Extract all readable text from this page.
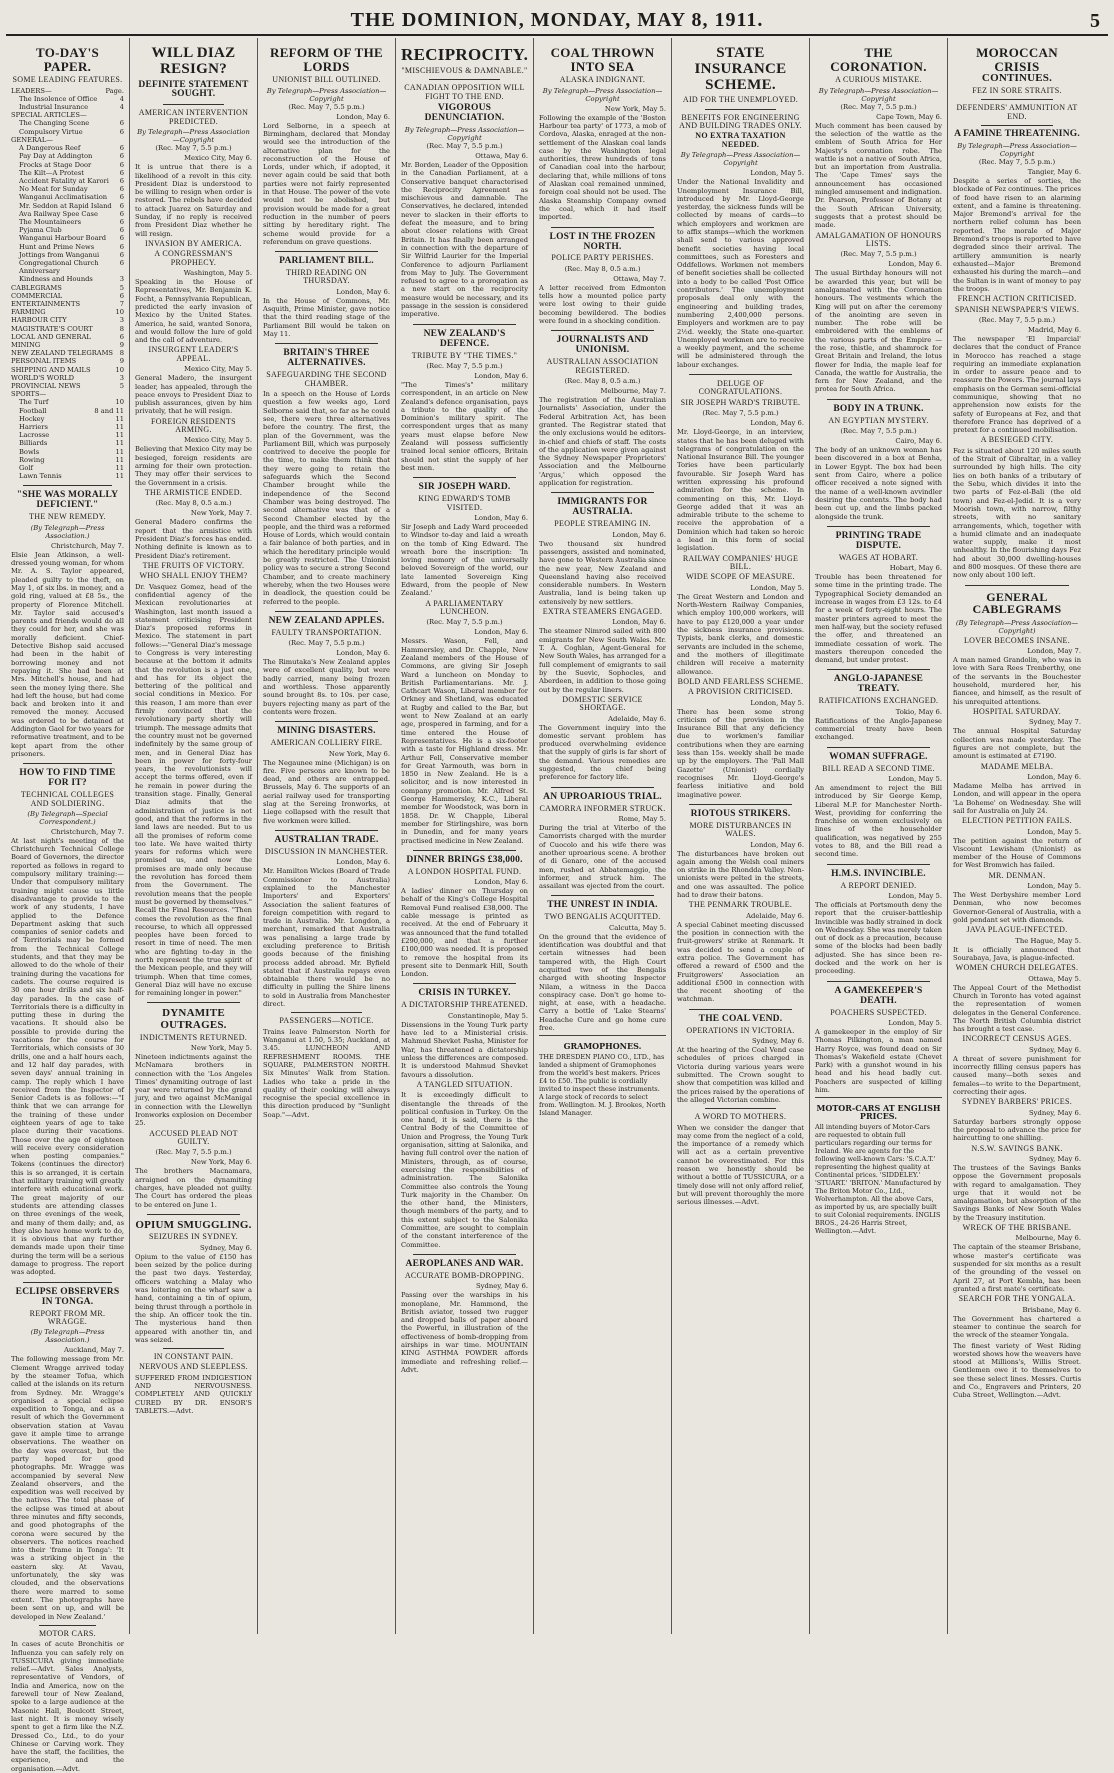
THE DOMINION, MONDAY, MAY 8, 1911.	5
TO-DAY'S PAPER.
SOME LEADING FEATURES.
LEADERS—	Page.
The Insolence of Office	4
Industrial Insurance	4
SPECIAL ARTICLES—
The Changing Scene	6
Compulsory Virtue	6
GENERAL—
A Dangerous Reef	6
Pay Day at Addington	6
Frocks at Stage Door	6
The Kilt—A Protest	6
Accident Fatality at Karori 6
No Meat for Sunday	6
Wanganui Acclimatisation 6
Mr. Seddon at Rapid Island 6
Ava Railway Spee Case	6
The Mountaineers	6
Pyjama Club	6
Wanganui Harbour Board 6
Hunt and Prime News	6
Jottings from Wanganui	6
Congregational Church Anniversary
6
Kindness and Hounds	3
CABLEGRAMS	5
COMMERCIAL	6
ENTERTAINMENTS	7
FARMING	10
HARBOUR CITY	3
MAGISTRATE'S COURT	8
LOCAL AND GENERAL	6
MINING	9
NEW ZEALAND TELEGRAMS 8
PERSONAL ITEMS	9
SHIPPING AND MAILS	10
WORLD'S WORLD	3
PROVINCIAL NEWS	5
SPORTS—
The Turf	10
Football	8 and 11
Hockey	11
Harriers	11
Lacrosse	11
Billiards	11
Bowls	11
Rowing	11
Golf	11
Lawn Tennis	11
"SHE WAS MORALLY DEFICIENT."
THE NEW REMEDY.
(By Telegraph—Press Association.)
Christchurch, May 7.
Elsie Jean Atkinson, a well-dressed young woman, for whom Mr. A. S. Taylor appeared, pleaded guilty to the theft, on May 1, of six lbs. in money, and a gold ring, valued at £8 5s., the property of Florence Mitchell. Mr. Taylor said accused's parents and friends would do all they could for her, and she was morally deficient. Chief-Detective Bishop said accused had been in the habit of borrowing money and not repaying it. She had been at Mrs. Mitchell's house, and had seen the money lying there. She had left the house, but had come back and broken into it and removed the money. Accused was ordered to be detained at Addington Gaol for two years for reformative treatment, and to be kept apart from the other prisoners.
HOW TO FIND TIME FOR IT?
TECHNICAL COLLEGES AND SOLDIERING.
(By Telegraph—Special Correspondent.)
Christchurch, May 7.
At last night's meeting of the Christchurch Technical College Board of Governors, the director reported as follows in regard to compulsory military training:—Under that compulsory military training might cause us little disadvantage to provide to the work of any students, I have applied to the Defence Department asking that such companies of senior cadets and of Territorials may be formed from the Technical College students, and that they may be allowed to do the whole of their training during the vacations for cadets. The course required is 30 one hour drills and six half-day parades. In the case of Territorials there is a difficulty in putting these in during the vacations. It should also be possible to provide during the vacations for the course for Territorials, which consists of 30 drills, one and a half hours each, and 12 half day parades, with seven days' annual training in camp. The reply which I have received from the Inspector of Senior Cadets is as follows:—"I think that we can arrange for the training of these under eighteen years of age to take place during their vacations. Those over the age of eighteen will receive every consideration when posting companies." Tokens (continues the director) this is so arranged, it is certain that military training will greatly interfere with educational work. The great majority of our students are attending classes on three evenings of the week, and many of them daily; and, as they also have home work to do, it is obvious that any further demands made upon their time during the term will be a serious damage to progress. The report was adopted.
ECLIPSE OBSERVERS IN TONGA.
REPORT FROM MR. WRAGGE.
(By Telegraph—Press Association.)
Auckland, May 7.
The following message from Mr. Clement Wragge arrived today by the steamer Tofua, which called at the islands on its return from Sydney. Mr. Wragge's organised a special eclipse expedition to Tonga, and as a result of which the Government observation station at Vavau gave it ample time to arrange observations. The weather on the day was overcast, but the party hoped for good photographs. Mr. Wragge was accompanied by several New Zealand observers, and the expedition was well received by the natives. The total phase of the eclipse was timed at about three minutes and fifty seconds, and good photographs of the corona were secured by the observers. The notices reached into their 'frame in Tonga': 'It was a striking object in the eastern sky. At Vavau, unfortunately, the sky was clouded, and the observations there were marred to some extent. The photographs have been sent on up, and will be developed in New Zealand.'
MOTOR CARS.
In cases of acute Bronchitis or Influenza you can safely rely on TUSSICURA giving immediate relief.—Advt. Sales Analysts, representative of Vendors, of India and America, now on the farewell tour of New Zealand, spoke to a large audience at the Masonic Hall, Boulcott Street, last night. It is money wisely spent to get a firm like the N.Z. Dressed Co., Ltd., to do your Chinese or Carving work. They have the staff, the facilities, the experience, and the organisation.—Advt.
WILL DIAZ RESIGN?
DEFINITE STATEMENT SOUGHT.
AMERICAN INTERVENTION PREDICTED.
By Telegraph—Press Association—Copyright
(Rec. May 7, 5.5 p.m.)
Mexico City, May 6.
It is untrue that there is a likelihood of a revolt in this city. President Diaz is understood to be willing to resign when order is restored. The rebels have decided to attack Juarez on Saturday and Sunday, if no reply is received from President Diaz whether he will resign.
INVASION BY AMERICA.
A CONGRESSMAN'S PROPHECY.
Washington, May 5.
Speaking in the House of Representatives, Mr. Benjamin K. Focht, a Pennsylvania Republican, predicted the early invasion of Mexico by the United States. America, he said, wanted Sonora, and would follow the lure of gold and the call of adventure.
INSURGENT LEADER'S APPEAL.
Mexico City, May 5.
General Madero, the insurgent leader, has appealed, through the peace envoys to President Diaz to publish assurances, given by him privately, that he will resign.
FOREIGN RESIDENTS ARMING.
Mexico City, May 5.
Believing that Mexico City may be besieged, foreign residents are arming for their own protection. They may offer their services to the Government in a crisis.
THE ARMISTICE ENDED.
(Rec. May 8, 0.5 a.m.)
New York, May 7.
General Madero confirms the report that the armistice with President Diaz's forces has ended. Nothing definite is known as to President Diaz's retirement.
THE FRUITS OF VICTORY.
WHO SHALL ENJOY THEM?
Dr. Vasquez Gomez, head of the confidential agency of the Mexican revolutionaries at Washington, last month issued a statement criticising President Diaz's proposed reforms in Mexico. The statement in part follows:—"General Diaz's message to Congress is very interesting because at the bottom it admits that the revolution is a just one, and has for its object the bettering of the political and social conditions in Mexico. For this reason, I am more than ever firmly convinced that the revolutionary party shortly will triumph. The message admits that the country must not be governed indefinitely by the same group of men, and in General Diaz has been in power for forty-four years, the revolutionists will accept the terms offered, even if he remain in power during the transition stage. Finally, General Diaz admits that the administration of justice is not good, and that the reforms in the land laws are needed. But to us all the promises of reform come too late. We have waited thirty years for reforms which were promised us, and now the promises are made only because the revolution has forced them from the Government. The revolution means that the people must be governed by themselves." Recall the Final Resources. "Then comes the revolution as the final recourse, to which all oppressed peoples have been forced to resort in time of need. The men who are fighting to-day in the north represent the true spirit of the Mexican people, and they will triumph. When that time comes, General Diaz will have no excuse for remaining longer in power."
DYNAMITE OUTRAGES.
INDICTMENTS RETURNED.
New York, May 5.
Nineteen indictments against the McNamara brothers in connection with the 'Los Angeles Times' dynamiting outrage of last year were returned by the grand jury, and two against McManigal in connection with the Llewellyn Ironworks explosion on December 25.
ACCUSED PLEAD NOT GUILTY.
(Rec. May 7, 5.5 p.m.)
New York, May 6.
The brothers Macnamara, arraigned on the dynamiting charges, have pleaded not guilty. The Court has ordered the pleas to be entered on June 1.
OPIUM SMUGGLING.
SEIZURES IN SYDNEY.
Sydney, May 6.
Opium to the value of £150 has been seized by the police during the past two days. Yesterday, officers watching a Malay who was loitering on the wharf saw a hand, containing a tin of opium, being thrust through a porthole in the ship. An officer took the tin. The mysterious hand then appeared with another tin, and was seized.
IN CONSTANT PAIN.
NERVOUS AND SLEEPLESS.
SUFFERED FROM INDIGESTION AND NERVOUSNESS. COMPLETELY AND QUICKLY CURED BY DR. ENSOR'S TABLETS.—Advt.
REFORM OF THE LORDS
UNIONIST BILL OUTLINED.
By Telegraph—Press Association—Copyright
(Rec. May 7, 5.5 p.m.)
London, May 6.
Lord Selborne, in a speech at Birmingham, declared that Monday would see the introduction of the alternative plan for the reconstruction of the House of Lords, under which, if adopted, it never again could be said that both parties were not fairly represented in that House. The power of the vote would not be abolished, but provision would be made for a great reduction in the number of peers sitting by hereditary right. The scheme would provide for a referendum on grave questions.
PARLIAMENT BILL.
THIRD READING ON THURSDAY.
London, May 6.
In the House of Commons, Mr. Asquith, Prime Minister, gave notice that the third reading stage of the Parliament Bill would be taken on May 11.
BRITAIN'S THREE ALTERNATIVES.
SAFEGUARDING THE SECOND CHAMBER.
In a speech on the House of Lords question a few weeks ago, Lord Selborne said that, so far as he could see, there were three alternatives before the country. The first, the plan of the Government, was the Parliament Bill, which was purposely contrived to deceive the people for the time, to make them think that they were going to retain the safeguards which the Second Chamber brought while the independence of the Second Chamber was being destroyed. The second alternative was that of a Second Chamber elected by the people, and the third was a reformed House of Lords, which would contain a fair balance of both parties, and in which the hereditary principle would be greatly restricted. The Unionist policy was to secure a strong Second Chamber, and to create machinery whereby, when the two Houses were in deadlock, the question could be referred to the people.
NEW ZEALAND APPLES.
FAULTY TRANSPORTATION.
(Rec. May 7, 5.5 p.m.)
London, May 6.
The Rimutaka's New Zealand apples were of excellent quality, but were badly carried, many being frozen and worthless. Those apparently sound brought 8s. to 10s. per case, buyers rejecting many as part of the contents were frozen.
MINING DISASTERS.
AMERICAN COLLIERY FIRE.
New York, May 6.
The Negaunee mine (Michigan) is on fire. Five persons are known to be dead, and others are entrapped. Brussels, May 6. The supports of an aerial railway used for transporting slag at the Sereing Ironworks, at Liege collapsed with the result that five workmen were killed.
AUSTRALIAN TRADE.
DISCUSSION IN MANCHESTER.
London, May 6.
Mr. Hamilton Wickes (Board of Trade Commissioner to Australia) explained to the Manchester Importers' and Exporters' Association the salient features of foreign competition with regard to trade in Australia. Mr. Longdon, a merchant, remarked that Australia was penalising a large trade by excluding preference to British goods because of the finishing process added abroad. Mr. Byfield stated that if Australia repays even obtainable there would be no difficulty in pulling the Shire linens to sold in Australia from Manchester direct.
PASSENGERS—NOTICE.
Trains leave Palmerston North for Wanganui at 1.50, 5.35; Auckland, at 3.45. LUNCHEON AND REFRESHMENT ROOMS. THE SQUARE, PALMERSTON NORTH. Six Minutes' Walk from Station. Ladies who take a pride in the quality of their cooking will always recognise the special excellence in this direction produced by "Sunlight Soap."—Advt.
RECIPROCITY.
"MISCHIEVOUS & DAMNABLE."
CANADIAN OPPOSITION WILL FIGHT TO THE END.
VIGOROUS DENUNCIATION.
By Telegraph—Press Association—Copyright
(Rec. May 7, 5.5 p.m.)
Ottawa, May 6.
Mr. Borden, Leader of the Opposition in the Canadian Parliament, at a Conservative banquet characterised the Reciprocity Agreement as mischievous and damnable. The Conservatives, he declared, intended never to slacken in their efforts to defeat the measure, and to bring about closer relations with Great Britain. It has finally been arranged in connection with the departure of Sir Wilfrid Laurier for the Imperial Conference to adjourn Parliament from May to July. The Government refused to agree to a prorogation as a new start on the reciprocity measure would be necessary, and its passage in the session is considered imperative.
NEW ZEALAND'S DEFENCE.
TRIBUTE BY "THE TIMES."
(Rec. May 7, 5.5 p.m.)
London, May 6.
"The Times's" military correspondent, in an article on New Zealand's defence organisation, pays a tribute to the quality of the Dominion's military spirit. The correspondent urges that as many years must elapse before New Zealand will possess sufficiently trained local senior officers, Britain should not stint the supply of her best men.
SIR JOSEPH WARD.
KING EDWARD'S TOMB VISITED.
London, May 6.
Sir Joseph and Lady Ward proceeded to Windsor to-day and laid a wreath on the tomb of King Edward. The wreath bore the inscription: 'In loving memory of the universally beloved Sovereign of the world, our late lamented Sovereign King Edward, from the people of New Zealand.'
A PARLIAMENTARY LUNCHEON.
(Rec. May 7, 5.5 p.m.)
London, May 6.
Messrs. Wason, Fell, and Hammersley, and Dr. Chapple, New Zealand members of the House of Commons, are giving Sir Joseph Ward a luncheon on Monday to British Parliamentarians. Mr. J. Cathcart Wason, Liberal member for Orkney and Shetland, was educated at Rugby and called to the Bar, but went to New Zealand at an early age, prospered in farming, and for a time entered the House of Representatives. He is a six-footer with a taste for Highland dress. Mr. Arthur Fell, Conservative member for Great Yarmouth, was born in 1850 in New Zealand. He is a solicitor, and is now interested in company promotion. Mr. Alfred St. George Hammersley, K.C., Liberal member for Woodstock, was born in 1858. Dr. W. Chapple, Liberal member for Stirlingshire, was born in Dunedin, and for many years practised medicine in New Zealand.
DINNER BRINGS £38,000.
A LONDON HOSPITAL FUND.
London, May 6.
A ladies' dinner on Thursday on behalf of the King's College Hospital Removal Fund realised £38,000. The cable message is printed as received. At the end of February it was announced that the fund totalled £290,000, and that a further £100,000 was needed. It is proposed to remove the hospital from its present site to Denmark Hill, South London.
CRISIS IN TURKEY.
A DICTATORSHIP THREATENED.
Constantinople, May 5.
Dissensions in the Young Turk party have led to a Ministerial crisis. Mahmud Shevket Pasha, Minister for War, has threatened a dictatorship unless the differences are composed. It is understood Mahmud Shevket favours a dissolution.
A TANGLED SITUATION.
It is exceedingly difficult to disentangle the threads of the political confusion in Turkey. On the one hand, it is said, there is the Central Body of the Committee of Union and Progress, the Young Turk organisation, sitting at Salonika, and having full control over the nation of Ministers, through, as of course, exercising the responsibilities of administration. The Salonika Committee also controls the Young Turk majority in the Chamber. On the other hand, the Ministers, though members of the party, and to this extent subject to the Salonika Committee, are sought to complain of the constant interference of the Committee.
AEROPLANES AND WAR.
ACCURATE BOMB-DROPPING.
Sydney, May 6.
Passing over the warships in his monoplane, Mr. Hammond, the British aviator, tossed two rugger and dropped balls of paper aboard the Powerful, in illustration of the effectiveness of bomb-dropping from airships in war time. MOUNTAIN KING ASTHMA POWDER affords immediate and refreshing relief.—Advt.
COAL THROWN INTO SEA
ALASKA INDIGNANT.
By Telegraph—Press Association—Copyright
New York, May 5.
Following the example of the 'Boston Harbour tea party' of 1773, a mob of Cordova, Alaska, enraged at the non-settlement of the Alaskan coal lands case by the Washington legal authorities, threw hundreds of tons of Canadian coal into the harbour, declaring that, while millions of tons of Alaskan coal remained unmined, foreign coal should not be used. The Alaska Steamship Company owned the coal, which it had itself imported.
LOST IN THE FROZEN NORTH.
POLICE PARTY PERISHES.
(Rec. May 8, 0.5 a.m.)
Ottawa, May 7.
A letter received from Edmonton tells how a mounted police party were lost owing to their guide becoming bewildered. The bodies were found in a shocking condition.
JOURNALISTS AND UNIONISM.
AUSTRALIAN ASSOCIATION REGISTERED.
(Rec. May 8, 0.5 a.m.)
Melbourne, May 7.
The registration of the Australian Journalists' Association, under the Federal Arbitration Act, has been granted. The Registrar stated that the only exclusions would be editors-in-chief and chiefs of staff. The costs of the application were given against the Sydney Newspaper Proprietors' Association and the Melbourne 'Argus,' which opposed the application for registration.
IMMIGRANTS FOR AUSTRALIA.
PEOPLE STREAMING IN.
London, May 6.
Two thousand six hundred passengers, assisted and nominated, have gone to Western Australia since the new year, New Zealand and Queensland having also received considerable numbers. In Western Australia, land is being taken up extensively by new settlers.
EXTRA STEAMERS ENGAGED.
London, May 6.
The steamer Nimrod sailed with 800 emigrants for New South Wales. Mr. T. A. Coghlan, Agent-General for New South Wales, has arranged for a full complement of emigrants to sail by the Suevic, Sophocles, and Aberdeen, in addition to those going out by the regular liners.
DOMESTIC SERVICE SHORTAGE.
Adelaide, May 6.
The Government inquiry into the domestic servant problem has produced overwhelming evidence that the supply of girls is far short of the demand. Various remedies are suggested, the chief being preference for factory life.
AN UPROARIOUS TRIAL.
CAMORRA INFORMER STRUCK.
Rome, May 5.
During the trial at Viterbo of the Camorrists charged with the murder of Cuocolo and his wife there was another uproarious scene. A brother of di Genaro, one of the accused men, rushed at Abbatemaggio, the informer, and struck him. The assailant was ejected from the court.
THE UNREST IN INDIA.
TWO BENGALIS ACQUITTED.
Calcutta, May 5.
On the ground that the evidence of identification was doubtful and that certain witnesses had been tampered with, the High Court acquitted two of the Bengalis charged with shooting Inspector Nilam, a witness in the Dacca conspiracy case. Don't go home to-night, at ease, with a headache. Carry a bottle of 'Lake Stearns' Headache Cure and go home cure free.
GRAMOPHONES.
THE DRESDEN PIANO CO., LTD., has landed a shipment of Gramophones from the world's best makers. Prices £4 to £50. The public is cordially invited to inspect these instruments. A large stock of records to select from. Wellington. M. J. Brookes, North Island Manager.
STATE INSURANCE SCHEME.
AID FOR THE UNEMPLOYED.
BENEFITS FOR ENGINEERING AND BUILDING TRADES ONLY.
NO EXTRA TAXATION NEEDED.
By Telegraph—Press Association—Copyright
London, May 5.
Under the National Invalidity and Unemployment Insurance Bill, introduced by Mr. Lloyd-George yesterday, the sickness funds will be collected by means of cards—to which employers and workmen are to affix stamps—which the workmen shall send to various approved benefit societies having local committees, such as Foresters and Oddfellows. Workmen not members of benefit societies shall be collected into a body to be called 'Post Office contributors.' The unemployment proposals deal only with the engineering and building trades, numbering 2,400,000 persons. Employers and workmen are to pay 2½d. weekly, the State one-quarter. Unemployed workmen are to receive a weekly payment, and the scheme will be administered through the labour exchanges.
DELUGE OF CONGRATULATIONS.
SIR JOSEPH WARD'S TRIBUTE.
(Rec. May 7, 5.5 p.m.)
London, May 6.
Mr. Lloyd-George, in an interview, states that he has been deluged with telegrams of congratulation on the National Insurance Bill. The younger Tories have been particularly favourable. Sir Joseph Ward has written expressing his profound admiration for the scheme. In commenting on this, Mr. Lloyd-George added that it was an admirable tribute to the scheme to receive the approbation of a Dominion which had taken so heroic a lead in this form of social legislation.
RAILWAY COMPANIES' HUGE BILL.
WIDE SCOPE OF MEASURE.
London, May 5.
The Great Western and London and North-Western Railway Companies, which employ 100,000 workers, will have to pay £120,000 a year under the sickness insurance provisions. Typists, bank clerks, and domestic servants are included in the scheme, and the mothers of illegitimate children will receive a maternity allowance.
BOLD AND FEARLESS SCHEME.
A PROVISION CRITICISED.
London, May 5.
There has been some strong criticism of the provision in the Insurance Bill that any deficiency due to workmen's familiar contributions when they are earning less than 15s. weekly shall be made up by the employers. The 'Pall Mall Gazette' (Unionist) cordially recognises Mr. Lloyd-George's fearless initiative and bold imaginative power.
RIOTOUS STRIKERS.
MORE DISTURBANCES IN WALES.
London, May 6.
The disturbances have broken out again among the Welsh coal miners on strike in the Rhondda Valley. Non-unionists were pelted in the streets, and one was assaulted. The police had to draw their batons.
THE PENMARK TROUBLE.
Adelaide, May 6.
A special Cabinet meeting discussed the position in connection with the fruit-growers' strike at Renmark. It was decided to send a couple of extra police. The Government has offered a reward of £500 and the Fruitgrowers' Association an additional £500 in connection with the recent shooting of the watchman.
THE COAL VEND.
OPERATIONS IN VICTORIA.
Sydney, May 6.
At the hearing of the Coal Vend case schedules of prices charged in Victoria during various years were submitted. The Crown sought to show that competition was killed and the prices raised by the operations of the alleged Victorian combine.
A WORD TO MOTHERS.
When we consider the danger that may come from the neglect of a cold, the importance of a remedy which will act as a certain preventive cannot be overestimated. For this reason we honestly should be without a bottle of TUSSICURA, or a timely dose will not only afford relief, but will prevent thoroughly the more serious illnesses.—Advt.
THE CORONATION.
A CURIOUS MISTAKE.
By Telegraph—Press Association—Copyright
(Rec. May 7, 5.5 p.m.)
Cape Town, May 6.
Much comment has been caused by the selection of the wattle as the emblem of South Africa for Her Majesty's coronation robe. The wattle is not a native of South Africa, but an importation from Australia. The 'Cape Times' says the announcement has occasioned mingled amusement and indignation. Dr. Pearson, Professor of Botany at the South African University, suggests that a protest should be made.
AMALGAMATION OF HONOURS LISTS.
(Rec. May 7, 5.5 p.m.)
London, May 6.
The usual Birthday honours will not be awarded this year, but will be amalgamated with the Coronation honours. The vestments which the King will put on after the ceremony of the anointing are seven in number. The robe will be embroidered with the emblems of the various parts of the Empire — the rose, thistle, and shamrock for Great Britain and Ireland, the lotus flower for India, the maple leaf for Canada, the wattle for Australia, the fern for New Zealand, and the protea for South Africa.
BODY IN A TRUNK.
AN EGYPTIAN MYSTERY.
(Rec. May 7, 5.5 p.m.)
Cairo, May 6.
The body of an unknown woman has been discovered in a box at Benha, in Lower Egypt. The box had been sent from Cairo, where a police officer received a note signed with the name of a well-known avvindler desiring the contents. The body had been cut up, and the limbs packed alongside the trunk.
PRINTING TRADE DISPUTE.
WAGES AT HOBART.
Hobart, May 6.
Trouble has been threatened for some time in the printing trade. The Typographical Society demanded an increase in wages from £3 12s. to £4 for a week of forty-eight hours. The master printers agreed to meet the men half-way, but the society refused the offer, and threatened an immediate cessation of work. The masters thereupon conceded the demand, but under protest.
ANGLO-JAPANESE TREATY.
RATIFICATIONS EXCHANGED.
Tokio, May 6.
Ratifications of the Anglo-Japanese commercial treaty have been exchanged.
WOMAN SUFFRAGE.
BILL READ A SECOND TIME.
London, May 5.
An amendment to reject the Bill introduced by Sir George Kemp, Liberal M.P. for Manchester North-West, providing for conferring the franchise on women exclusively on lines of the householder qualification, was negatived by 255 votes to 88, and the Bill read a second time.
H.M.S. INVINCIBLE.
A REPORT DENIED.
London, May 5.
The officials at Portsmouth deny the report that the cruiser-battleship Invincible was badly strained in dock on Wednesday. She was merely taken out of dock as a precaution, because some of the blocks had been badly adjusted. She has since been re-docked and the work on her is proceeding.
A GAMEKEEPER'S DEATH.
POACHERS SUSPECTED.
London, May 5.
A gamekeeper in the employ of Sir Thomas Pilkington, a man named Harry Royce, was found dead on Sir Thomas's Wakefield estate (Chevet Park) with a gunshot wound in his head and his head badly cut. Poachers are suspected of killing him.
MOTOR-CARS AT ENGLISH PRICES.
All intending buyers of Motor-Cars are requested to obtain full particulars regarding our terms for Ireland. We are agents for the following well-known Cars: 'S.C.A.T.' representing the highest quality at Continental prices. 'SIDDELEY.' 'STUART.' 'BRITON.' Manufactured by The Briton Motor Co., Ltd., Wolverhampton. All the above Cars, as imported by us, are specially built to suit Colonial requirements. INGLIS BROS., 24-26 Harris Street, Wellington.—Advt.
MOROCCAN CRISIS
CONTINUES.
FEZ IN SORE STRAITS.
DEFENDERS' AMMUNITION AT END.
A FAMINE THREATENING.
By Telegraph—Press Association—Copyright
(Rec. May 7, 5.5 p.m.)
Tangier, May 6.
Despite a series of sorties, the blockade of Fez continues. The prices of food have risen to an alarming extent, and a famine is threatening. Major Bremond's arrival for the northern relief column has been reported. The morale of Major Bremond's troops is reported to have degraded since their arrival. The artillery ammunition is nearly exhausted—Major Bremond exhausted his during the march—and the Sultan is in want of money to pay the troops.
FRENCH ACTION CRITICISED.
SPANISH NEWSPAPER'S VIEWS.
(Rec. May 7, 5.5 p.m.)
Madrid, May 6.
The newspaper 'El Imparcial' declares that the conduct of France in Morocco has reached a stage requiring an immediate explanation in order to assure peace and to reassure the Powers. The journal lays emphasis on the German semi-official communique, showing that no apprehension now exists for the safety of Europeans at Fez, and that therefore France has deprived of a pretext for a continued mobilisation.
A BESIEGED CITY.
Fez is situated about 120 miles south of the Strait of Gibraltar, in a valley surrounded by high hills. The city lies on both banks of a tributary of the Sebu, which divides it into the two parts of Fez-el-Bali (the old town) and Fez-el-Jedid. It is a very Moorish town, with narrow, filthy streets, with no sanitary arrangements, which, together with a humid climate and an inadequate water supply, make it most unhealthy. In the flourishing days Fez had about 30,000 dwelling-houses and 800 mosques. Of these there are now only about 100 left.
GENERAL CABLEGRAMS
(By Telegraph—Press Association—Copyright)
LOVER BECOMES INSANE.
London, May 7.
A man named Grandolin, who was in love with Sara Rees Trenberthy, one of the servants in the Bouchester household, murdered her, his fiancee, and himself, as the result of his unrequited attentions.
HOSPITAL SATURDAY.
Sydney, May 7.
The annual Hospital Saturday collection was made yesterday. The figures are not complete, but the amount is estimated at £7190.
MADAME MELBA.
London, May 6.
Madame Melba has arrived in London, and will appear in the opera 'La Boheme' on Wednesday. She will sail for Australia on July 24.
ELECTION PETITION FAILS.
London, May 5.
The petition against the return of Viscount Lewisham (Unionist) as member of the House of Commons for West Bromwich has failed.
MR. DENMAN.
London, May 5.
The West Derbyshire member Lord Denman, who now becomes Governor-General of Australia, with a gold pendant set with diamonds.
JAVA PLAGUE-INFECTED.
The Hague, May 5.
It is officially announced that Sourabaya, Java, is plague-infected.
WOMEN CHURCH DELEGATES.
Ottawa, May 5.
The Appeal Court of the Methodist Church in Toronto has voted against the representation of women delegates in the General Conference. The North British Columbia district has brought a test case.
INCORRECT CENSUS AGES.
Sydney, May 6.
A threat of severe punishment for incorrectly filling census papers has caused many—both sexes and females—to write to the Department, correcting their ages.
SYDNEY BARBERS' PRICES.
Sydney, May 6.
Saturday barbers strongly oppose the proposal to advance the price for haircutting to one shilling.
N.S.W. SAVINGS BANK.
Sydney, May 6.
The trustees of the Savings Banks oppose the Government proposals with regard to amalgamation. They urge that it would not be amalgamation, but absorption of the Savings Banks of New South Wales by the Treasury institution.
WRECK OF THE BRISBANE.
Melbourne, May 6.
The captain of the steamer Brisbane, whose master's certificate was suspended for six months as a result of the grounding of the vessel on April 27, at Port Kembla, has been granted a first mate's certificate.
SEARCH FOR THE YONGALA.
Brisbane, May 6.
The Government has chartered a steamer to continue the search for the wreck of the steamer Yongala.
The finest variety of West Riding worsted shows how the weavers have stood at Millions's, Willis Street. Gentlemen owe it to themselves to see these select lines. Messrs. Curtis and Co., Engravers and Printers, 20 Cuba Street, Wellington.—Advt.
